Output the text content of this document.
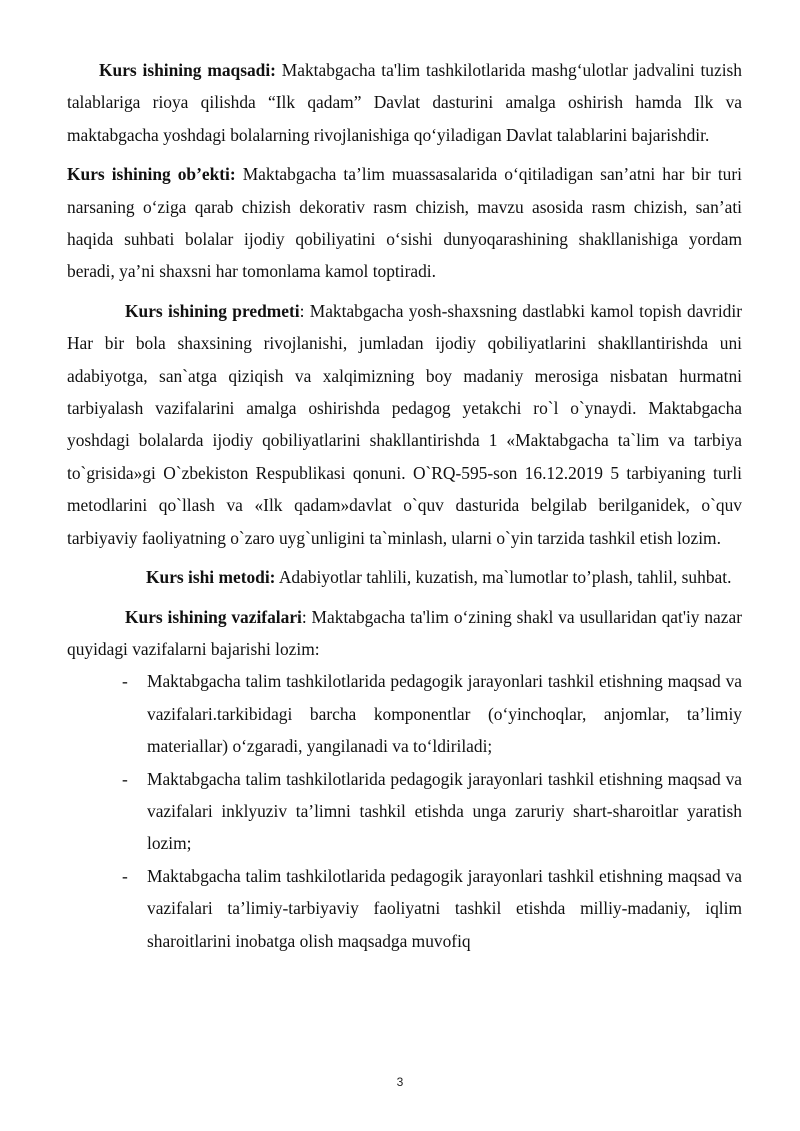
Kurs ishining maqsadi: Maktabgacha ta'lim tashkilotlarida mashg‘ulotlar jadvalini tuzish talablariga rioya qilishda “Ilk qadam” Davlat dasturini amalga oshirish hamda Ilk va maktabgacha yoshdagi bolalarning rivojlanishiga qo‘yiladigan Davlat talablarini bajarishdir.

Kurs ishining ob’ekti: Maktabgacha ta’lim muassasalarida o‘qitiladigan san’atni har bir turi narsaning o‘ziga qarab chizish dekorativ rasm chizish, mavzu asosida rasm chizish, san’ati haqida suhbati bolalar ijodiy qobiliyatini o‘sishi dunyoqarashining shakllanishiga yordam beradi, ya’ni shaxsni har tomonlama kamol toptiradi.

Kurs ishining predmeti: Maktabgacha yosh-shaxsning dastlabki kamol topish davridir Har bir bola shaxsining rivojlanishi, jumladan ijodiy qobiliyatlarini shakllantirishda uni adabiyotga, san`atga qiziqish va xalqimizning boy madaniy merosiga nisbatan hurmatni tarbiyalash vazifalarini amalga oshirishda pedagog yetakchi ro`l o`ynaydi. Maktabgacha yoshdagi bolalarda ijodiy qobiliyatlarini shakllantirishda 1 «Maktabgacha ta`lim va tarbiya to`grisida»gi O`zbekiston Respublikasi qonuni. O`RQ-595-son 16.12.2019 5 tarbiyaning turli metodlarini qo`llash va «Ilk qadam»davlat o`quv dasturida belgilab berilganidek, o`quv tarbiyaviy faoliyatning o`zaro uyg`unligini ta`minlash, ularni o`yin tarzida tashkil etish lozim.

Kurs ishi metodi: Adabiyotlar tahlili, kuzatish, ma`lumotlar to’plash, tahlil, suhbat.

Kurs ishining vazifalari: Maktabgacha ta'lim o‘zining shakl va usullaridan qat'iy nazar quyidagi vazifalarni bajarishi lozim:

- Maktabgacha talim tashkilotlarida pedagogik jarayonlari tashkil etishning maqsad va vazifalari.tarkibidagi barcha komponentlar (o‘yinchoqlar, anjomlar, ta’limiy materiallar) o‘zgaradi, yangilanadi va to‘ldiriladi;
- Maktabgacha talim tashkilotlarida pedagogik jarayonlari tashkil etishning maqsad va vazifalari inklyuziv ta’limni tashkil etishda unga zaruriy shart-sharoitlar yaratish lozim;
- Maktabgacha talim tashkilotlarida pedagogik jarayonlari tashkil etishning maqsad va vazifalari ta’limiy-tarbiyaviy faoliyatni tashkil etishda milliy-madaniy, iqlim sharoitlarini inobatga olish maqsadga muvofiq
3
